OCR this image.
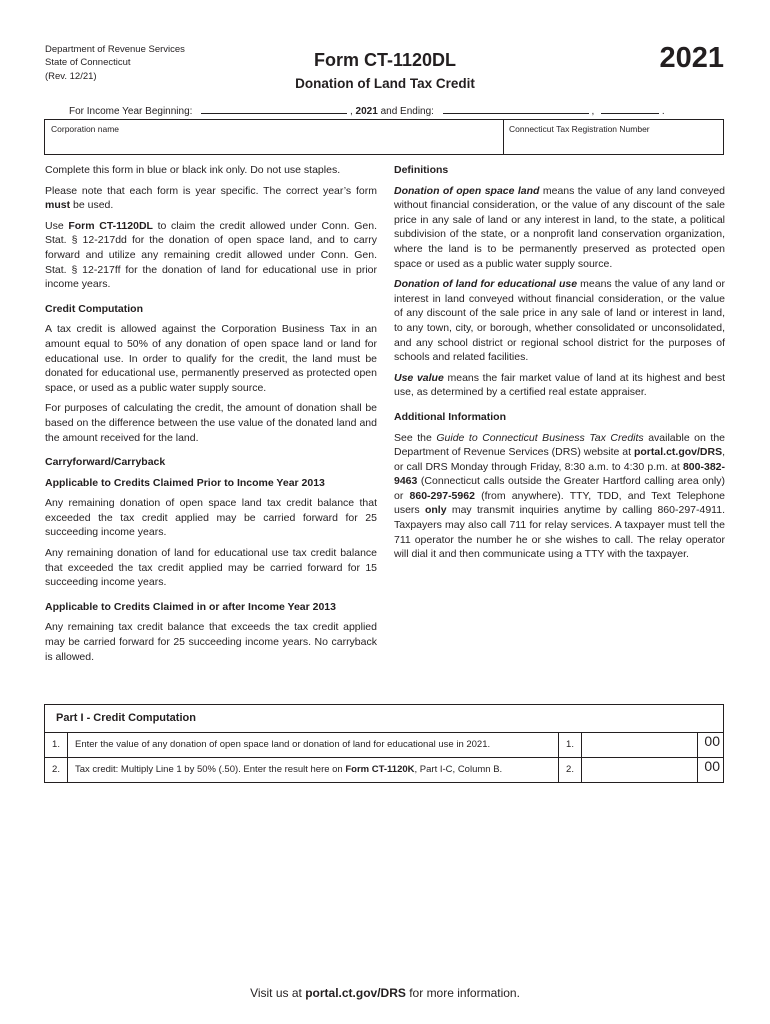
Department of Revenue Services
State of Connecticut
(Rev. 12/21)
Form CT-1120DL
Donation of Land Tax Credit
2021
For Income Year Beginning:	, 2021 and Ending:	,	.
Corporation name	Connecticut Tax Registration Number

Complete this form in blue or black ink only. Do not use staples.

Please note that each form is year specific. The correct year’s form must be used.

Use Form CT-1120DL to claim the credit allowed under Conn. Gen. Stat. § 12-217dd for the donation of open space land, and to carry forward and utilize any remaining credit allowed under Conn. Gen. Stat. § 12-217ff for the donation of land for educational use in prior income years.

Credit Computation

A tax credit is allowed against the Corporation Business Tax in an amount equal to 50% of any donation of open space land or land for educational use. In order to qualify for the credit, the land must be donated for educational use, permanently preserved as protected open space, or used as a public water supply source.

For purposes of calculating the credit, the amount of donation shall be based on the difference between the use value of the donated land and the amount received for the land.

Carryforward/Carryback
Applicable to Credits Claimed Prior to Income Year 2013

Any remaining donation of open space land tax credit balance that exceeded the tax credit applied may be carried forward for 25 succeeding income years.

Any remaining donation of land for educational use tax credit balance that exceeded the tax credit applied may be carried forward for 15 succeeding income years.

Applicable to Credits Claimed in or after Income Year 2013

Any remaining tax credit balance that exceeds the tax credit applied may be carried forward for 25 succeeding income years. No carryback is allowed.

Definitions

Donation of open space land means the value of any land conveyed without financial consideration, or the value of any discount of the sale price in any sale of land or any interest in land, to the state, a political subdivision of the state, or a nonprofit land conservation organization, where the land is to be permanently preserved as protected open space or used as a public water supply source.

Donation of land for educational use means the value of any land or interest in land conveyed without financial consideration, or the value of any discount of the sale price in any sale of land or interest in land, to any town, city, or borough, whether consolidated or unconsolidated, and any school district or regional school district for the purposes of schools and related facilities.

Use value means the fair market value of land at its highest and best use, as determined by a certified real estate appraiser.

Additional Information

See the Guide to Connecticut Business Tax Credits available on the Department of Revenue Services (DRS) website at portal.ct.gov/DRS, or call DRS Monday through Friday, 8:30 a.m. to 4:30 p.m. at 800-382-9463 (Connecticut calls outside the Greater Hartford calling area only) or 860-297-5962 (from anywhere). TTY, TDD, and Text Telephone users only may transmit inquiries anytime by calling 860-297-4911. Taxpayers may also call 711 for relay services. A taxpayer must tell the 711 operator the number he or she wishes to call. The relay operator will dial it and then communicate using a TTY with the taxpayer.

Part I - Credit Computation
1.	Enter the value of any donation of open space land or donation of land for educational use in 2021.	1.	00
2.	Tax credit: Multiply Line 1 by 50% (.50). Enter the result here on Form CT-1120K, Part I-C, Column B.	2.	00
Visit us at portal.ct.gov/DRS for more information.
